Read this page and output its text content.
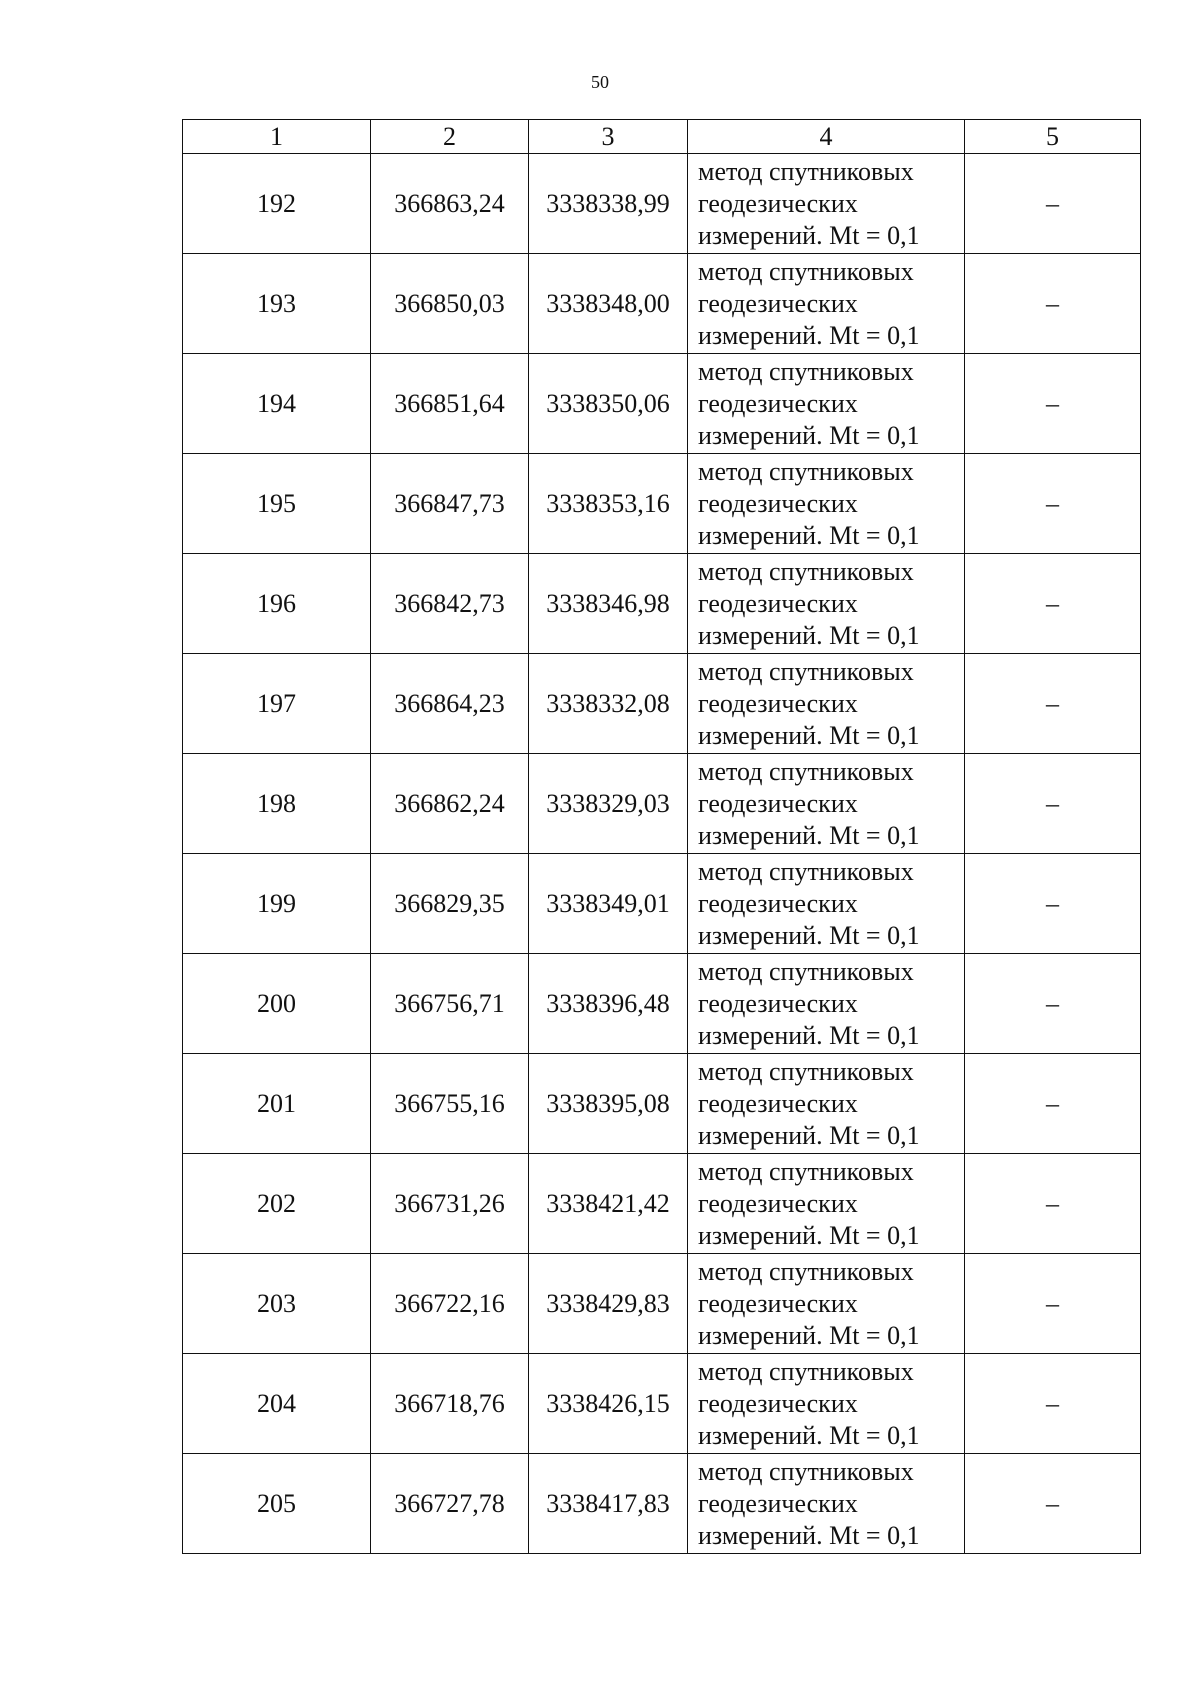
50
1	2	3	4	5
192	366863,24	3338338,99	метод спутниковых
геодезических
измерений. Mt = 0,1	–
193	366850,03	3338348,00	метод спутниковых
геодезических
измерений. Mt = 0,1	–
194	366851,64	3338350,06	метод спутниковых
геодезических
измерений. Mt = 0,1	–
195	366847,73	3338353,16	метод спутниковых
геодезических
измерений. Mt = 0,1	–
196	366842,73	3338346,98	метод спутниковых
геодезических
измерений. Mt = 0,1	–
197	366864,23	3338332,08	метод спутниковых
геодезических
измерений. Mt = 0,1	–
198	366862,24	3338329,03	метод спутниковых
геодезических
измерений. Mt = 0,1	–
199	366829,35	3338349,01	метод спутниковых
геодезических
измерений. Mt = 0,1	–
200	366756,71	3338396,48	метод спутниковых
геодезических
измерений. Mt = 0,1	–
201	366755,16	3338395,08	метод спутниковых
геодезических
измерений. Mt = 0,1	–
202	366731,26	3338421,42	метод спутниковых
геодезических
измерений. Mt = 0,1	–
203	366722,16	3338429,83	метод спутниковых
геодезических
измерений. Mt = 0,1	–
204	366718,76	3338426,15	метод спутниковых
геодезических
измерений. Mt = 0,1	–
205	366727,78	3338417,83	метод спутниковых
геодезических
измерений. Mt = 0,1	–
